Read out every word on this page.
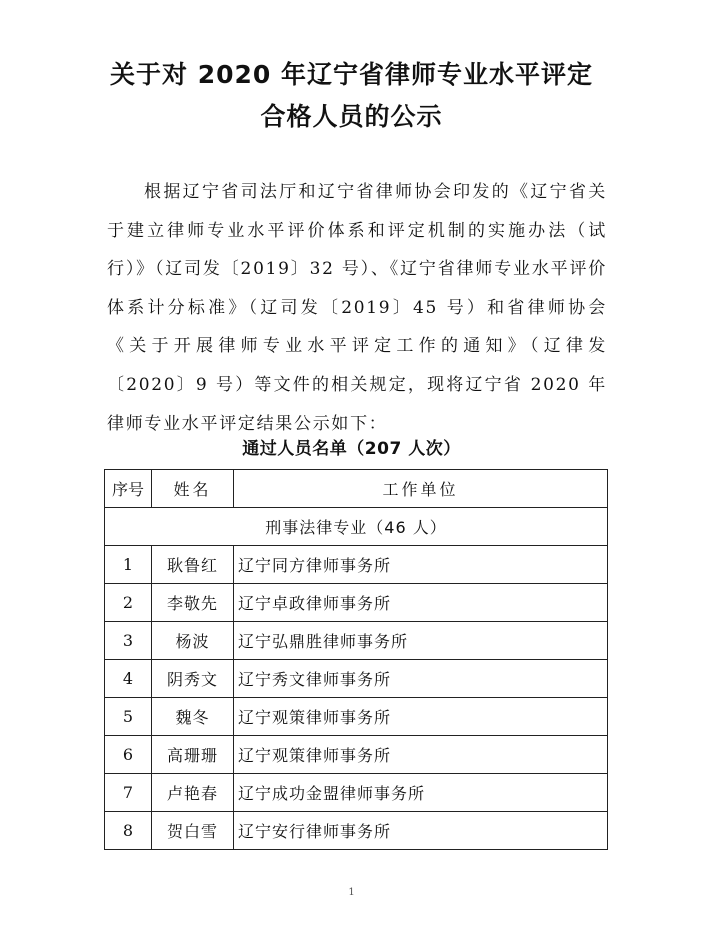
关于对 2020 年辽宁省律师专业水平评定
合格人员的公示
根据辽宁省司法厅和辽宁省律师协会印发的《辽宁省关于建立律师专业水平评价体系和评定机制的实施办法（试行）》（辽司发〔2019〕32 号）、《辽宁省律师专业水平评价体系计分标准》（辽司发〔2019〕45 号）和省律师协会《关于开展律师专业水平评定工作的通知》（辽律发〔2020〕9 号）等文件的相关规定，现将辽宁省 2020 年律师专业水平评定结果公示如下：
通过人员名单（207 人次）
序号	姓名	工作单位
刑事法律专业（46 人）		
1	耿鲁红	辽宁同方律师事务所
2	李敬先	辽宁卓政律师事务所
3	杨波	辽宁弘鼎胜律师事务所
4	阴秀文	辽宁秀文律师事务所
5	魏冬	辽宁观策律师事务所
6	高珊珊	辽宁观策律师事务所
7	卢艳春	辽宁成功金盟律师事务所
8	贺白雪	辽宁安行律师事务所
1
